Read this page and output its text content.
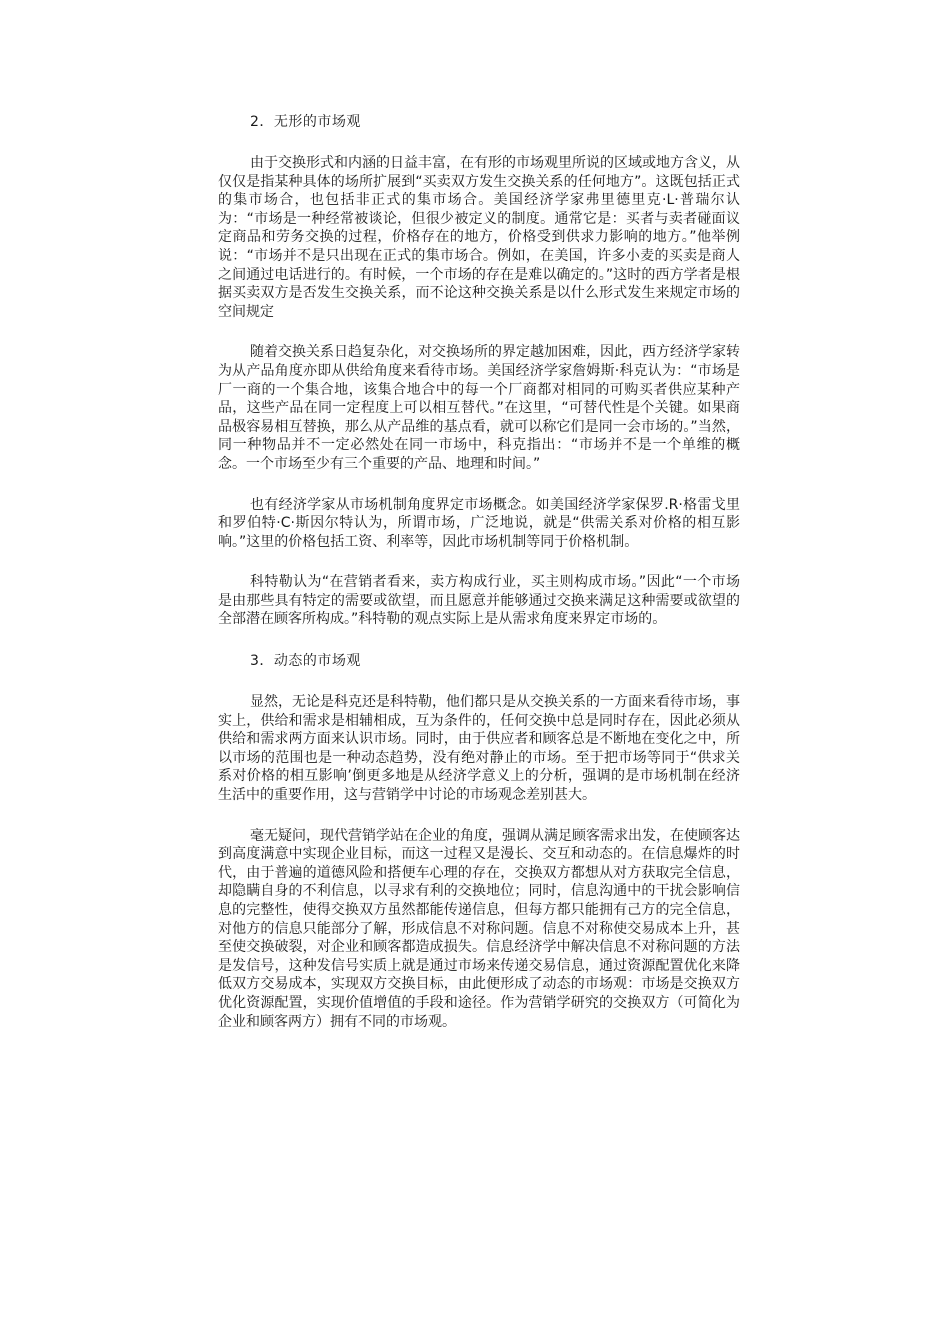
2．无形的市场观

由于交换形式和内涵的日益丰富，在有形的市场观里所说的区域或地方含义，从仅仅是指某种具体的场所扩展到“买卖双方发生交换关系的任何地方”。这既包括正式的集市场合，也包括非正式的集市场合。美国经济学家弗里德里克·L·普瑞尔认为：“市场是一种经常被谈论，但很少被定义的制度。通常它是：买者与卖者碰面议定商品和劳务交换的过程，价格存在的地方，价格受到供求力影响的地方。”他举例说：“市场并不是只出现在正式的集市场合。例如，在美国，许多小麦的买卖是商人之间通过电话进行的。有时候，一个市场的存在是难以确定的。”这时的西方学者是根据买卖双方是否发生交换关系，而不论这种交换关系是以什么形式发生来规定市场的空间规定

随着交换关系日趋复杂化，对交换场所的界定越加困难，因此，西方经济学家转为从产品角度亦即从供给角度来看待市场。美国经济学家詹姆斯·科克认为：“市场是厂一商的一个集合地，该集合地合中的每一个厂商都对相同的可购买者供应某种产品，这些产品在同一定程度上可以相互替代。”在这里，“可替代性是个关键。如果商品极容易相互替换，那么从产品维的基点看，就可以称它们是同一会市场的。”当然，同一种物品并不一定必然处在同一市场中，科克指出：“市场并不是一个单维的概念。一个市场至少有三个重要的产品、地理和时间。”

也有经济学家从市场机制角度界定市场概念。如美国经济学家保罗.R·格雷戈里和罗伯特·C·斯因尔特认为，所谓市场，广泛地说，就是“供需关系对价格的相互影响。”这里的价格包括工资、利率等，因此市场机制等同于价格机制。

科特勒认为“在营销者看来，卖方构成行业，买主则构成市场。”因此“一个市场是由那些具有特定的需要或欲望，而且愿意并能够通过交换来满足这种需要或欲望的全部潜在顾客所构成。”科特勒的观点实际上是从需求角度来界定市场的。

3．动态的市场观

显然，无论是科克还是科特勒，他们都只是从交换关系的一方面来看待市场，事实上，供给和需求是相辅相成，互为条件的，任何交换中总是同时存在，因此必须从供给和需求两方面来认识市场。同时，由于供应者和顾客总是不断地在变化之中，所以市场的范围也是一种动态趋势，没有绝对静止的市场。至于把市场等同于“供求关系对价格的相互影响’倒更多地是从经济学意义上的分析，强调的是市场机制在经济生活中的重要作用，这与营销学中讨论的市场观念差别甚大。

毫无疑问，现代营销学站在企业的角度，强调从满足顾客需求出发，在使顾客达到高度满意中实现企业目标，而这一过程又是漫长、交互和动态的。在信息爆炸的时代，由于普遍的道德风险和搭便车心理的存在，交换双方都想从对方获取完全信息，却隐瞒自身的不利信息，以寻求有利的交换地位；同时，信息沟通中的干扰会影响信息的完整性，使得交换双方虽然都能传递信息，但每方都只能拥有己方的完全信息，对他方的信息只能部分了解，形成信息不对称问题。信息不对称使交易成本上升，甚至使交换破裂，对企业和顾客都造成损失。信息经济学中解决信息不对称问题的方法是发信号，这种发信号实质上就是通过市场来传递交易信息，通过资源配置优化来降低双方交易成本，实现双方交换目标，由此便形成了动态的市场观：市场是交换双方优化资源配置，实现价值增值的手段和途径。作为营销学研究的交换双方（可简化为企业和顾客两方）拥有不同的市场观。
